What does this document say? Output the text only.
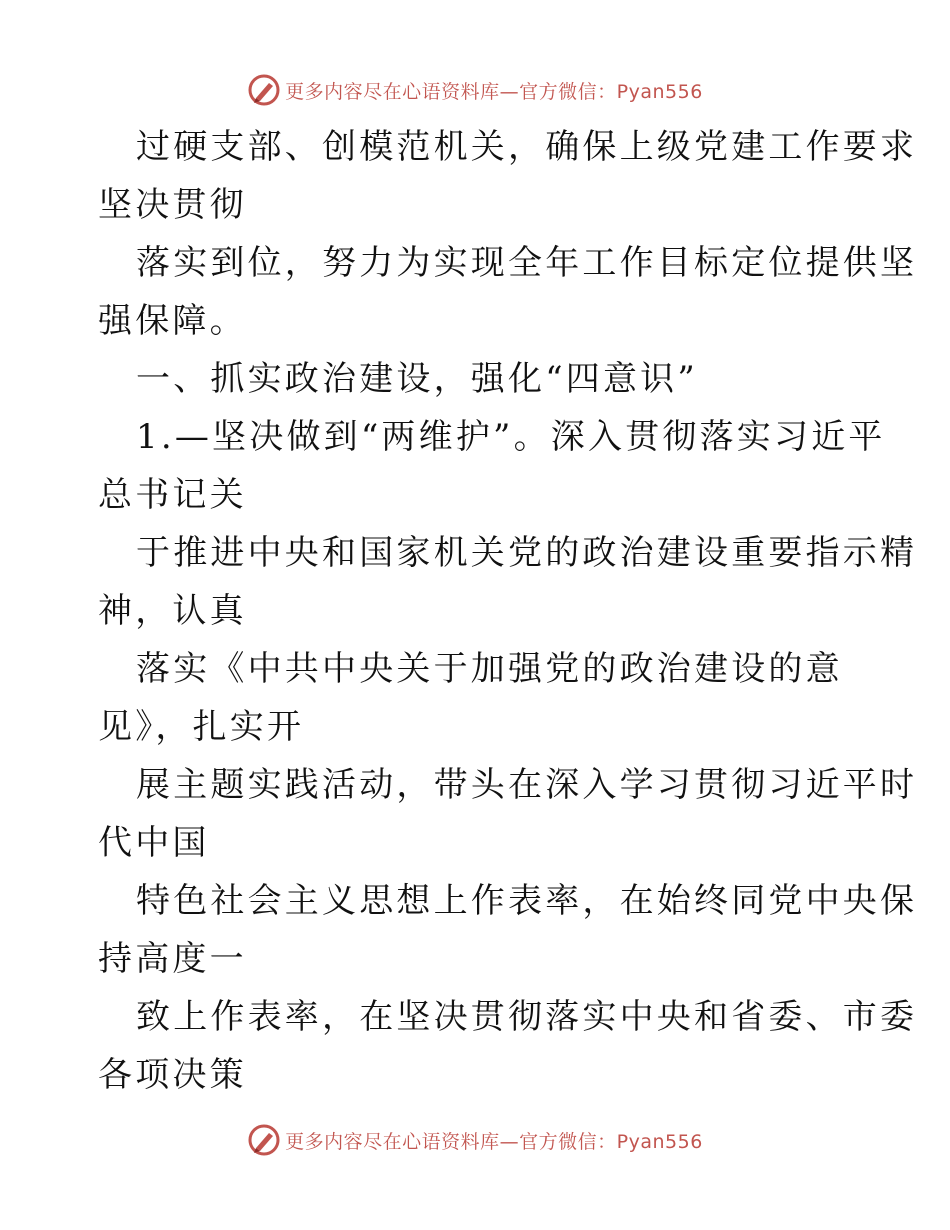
更多内容尽在心语资料库—官方微信：Pyan556
过硬支部、创模范机关，确保上级党建工作要求
坚决贯彻
落实到位，努力为实现全年工作目标定位提供坚
强保障。
一、抓实政治建设，强化“四意识”
1.—坚决做到“两维护”。深入贯彻落实习近平
总书记关
于推进中央和国家机关党的政治建设重要指示精
神，认真
落实《中共中央关于加强党的政治建设的意
见》，扎实开
展主题实践活动，带头在深入学习贯彻习近平时
代中国
特色社会主义思想上作表率，在始终同党中央保
持高度一
致上作表率，在坚决贯彻落实中央和省委、市委
各项决策
更多内容尽在心语资料库—官方微信：Pyan556
